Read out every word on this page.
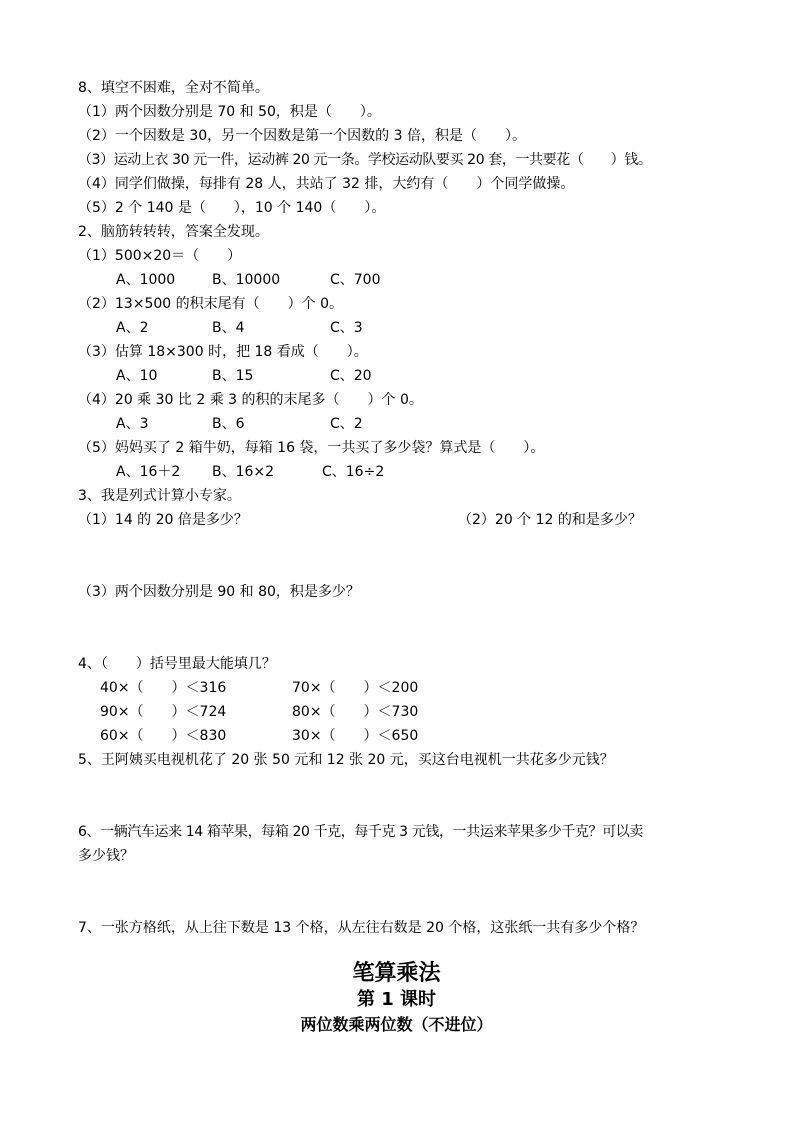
8、填空不困难，全对不简单。
（1）两个因数分别是 70 和 50，积是（　　）。
（2）一个因数是 30，另一个因数是第一个因数的 3 倍，积是（　　）。
（3）运动上衣 30 元一件，运动裤 20 元一条。学校运动队要买 20 套，一共要花（　　）钱。
（4）同学们做操，每排有 28 人，共站了 32 排，大约有（　　）个同学做操。
（5）2 个 140 是（　　），10 个 140（　　）。
2、脑筋转转转，答案全发现。
（1）500×20＝（　　）
A、1000	B、10000	C、700
（2）13×500 的积末尾有（　　）个 0。
A、2	B、4	C、3
（3）估算 18×300 时，把 18 看成（　　）。
A、10	B、15	C、20
（4）20 乘 30 比 2 乘 3 的积的末尾多（　　）个 0。
A、3	B、6	C、2
（5）妈妈买了 2 箱牛奶，每箱 16 袋，一共买了多少袋？算式是（　　）。
A、16＋2 B、16×2	C、16÷2
3、我是列式计算小专家。
（1）14 的 20 倍是多少？	（2）20 个 12 的和是多少？
（3）两个因数分别是 90 和 80，积是多少？
4、（　　）括号里最大能填几？
40×（　　）＜316	70×（　　）＜200
90×（　　）＜724	80×（　　）＜730
60×（　　）＜830	30×（　　）＜650
5、王阿姨买电视机花了 20 张 50 元和 12 张 20 元，买这台电视机一共花多少元钱？
6、一辆汽车运来 14 箱苹果，每箱 20 千克，每千克 3 元钱，一共运来苹果多少千克？可以卖
多少钱？
7、一张方格纸，从上往下数是 13 个格，从左往右数是 20 个格，这张纸一共有多少个格？
笔算乘法
第 1 课时
两位数乘两位数（不进位）
